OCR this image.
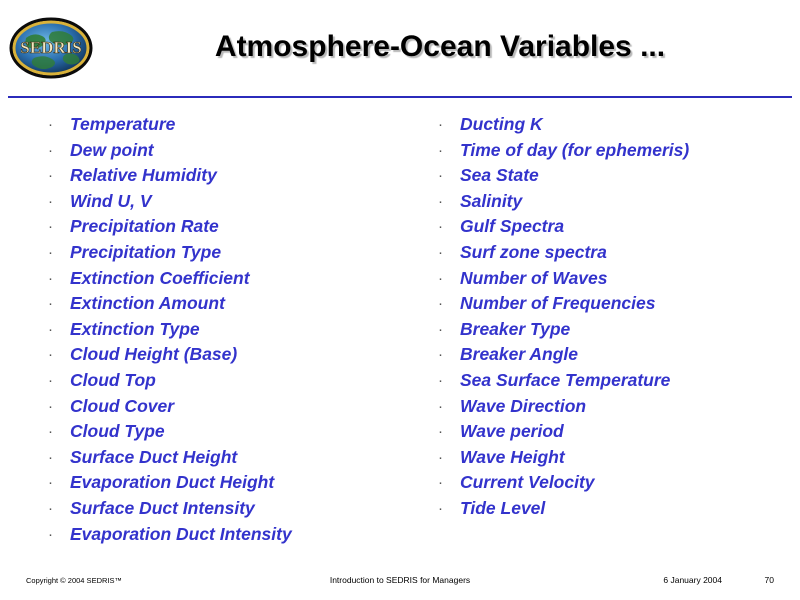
SEDRIS	Atmosphere-Ocean Variables ...
· Temperature
· Dew point
· Relative Humidity
· Wind U, V
· Precipitation Rate
· Precipitation Type
· Extinction Coefficient
· Extinction Amount
· Extinction Type
· Cloud Height (Base)
· Cloud Top
· Cloud Cover
· Cloud Type
· Surface Duct Height
· Evaporation Duct Height
· Surface Duct Intensity
· Evaporation Duct Intensity
· Ducting K
· Time of day (for ephemeris)
· Sea State
· Salinity
· Gulf Spectra
· Surf zone spectra
· Number of Waves
· Number of Frequencies
· Breaker Type
· Breaker Angle
· Sea Surface Temperature
· Wave Direction
· Wave period
· Wave Height
· Current Velocity
· Tide Level
Copyright © 2004 SEDRIS™	Introduction to SEDRIS for Managers	6 January 2004	70
